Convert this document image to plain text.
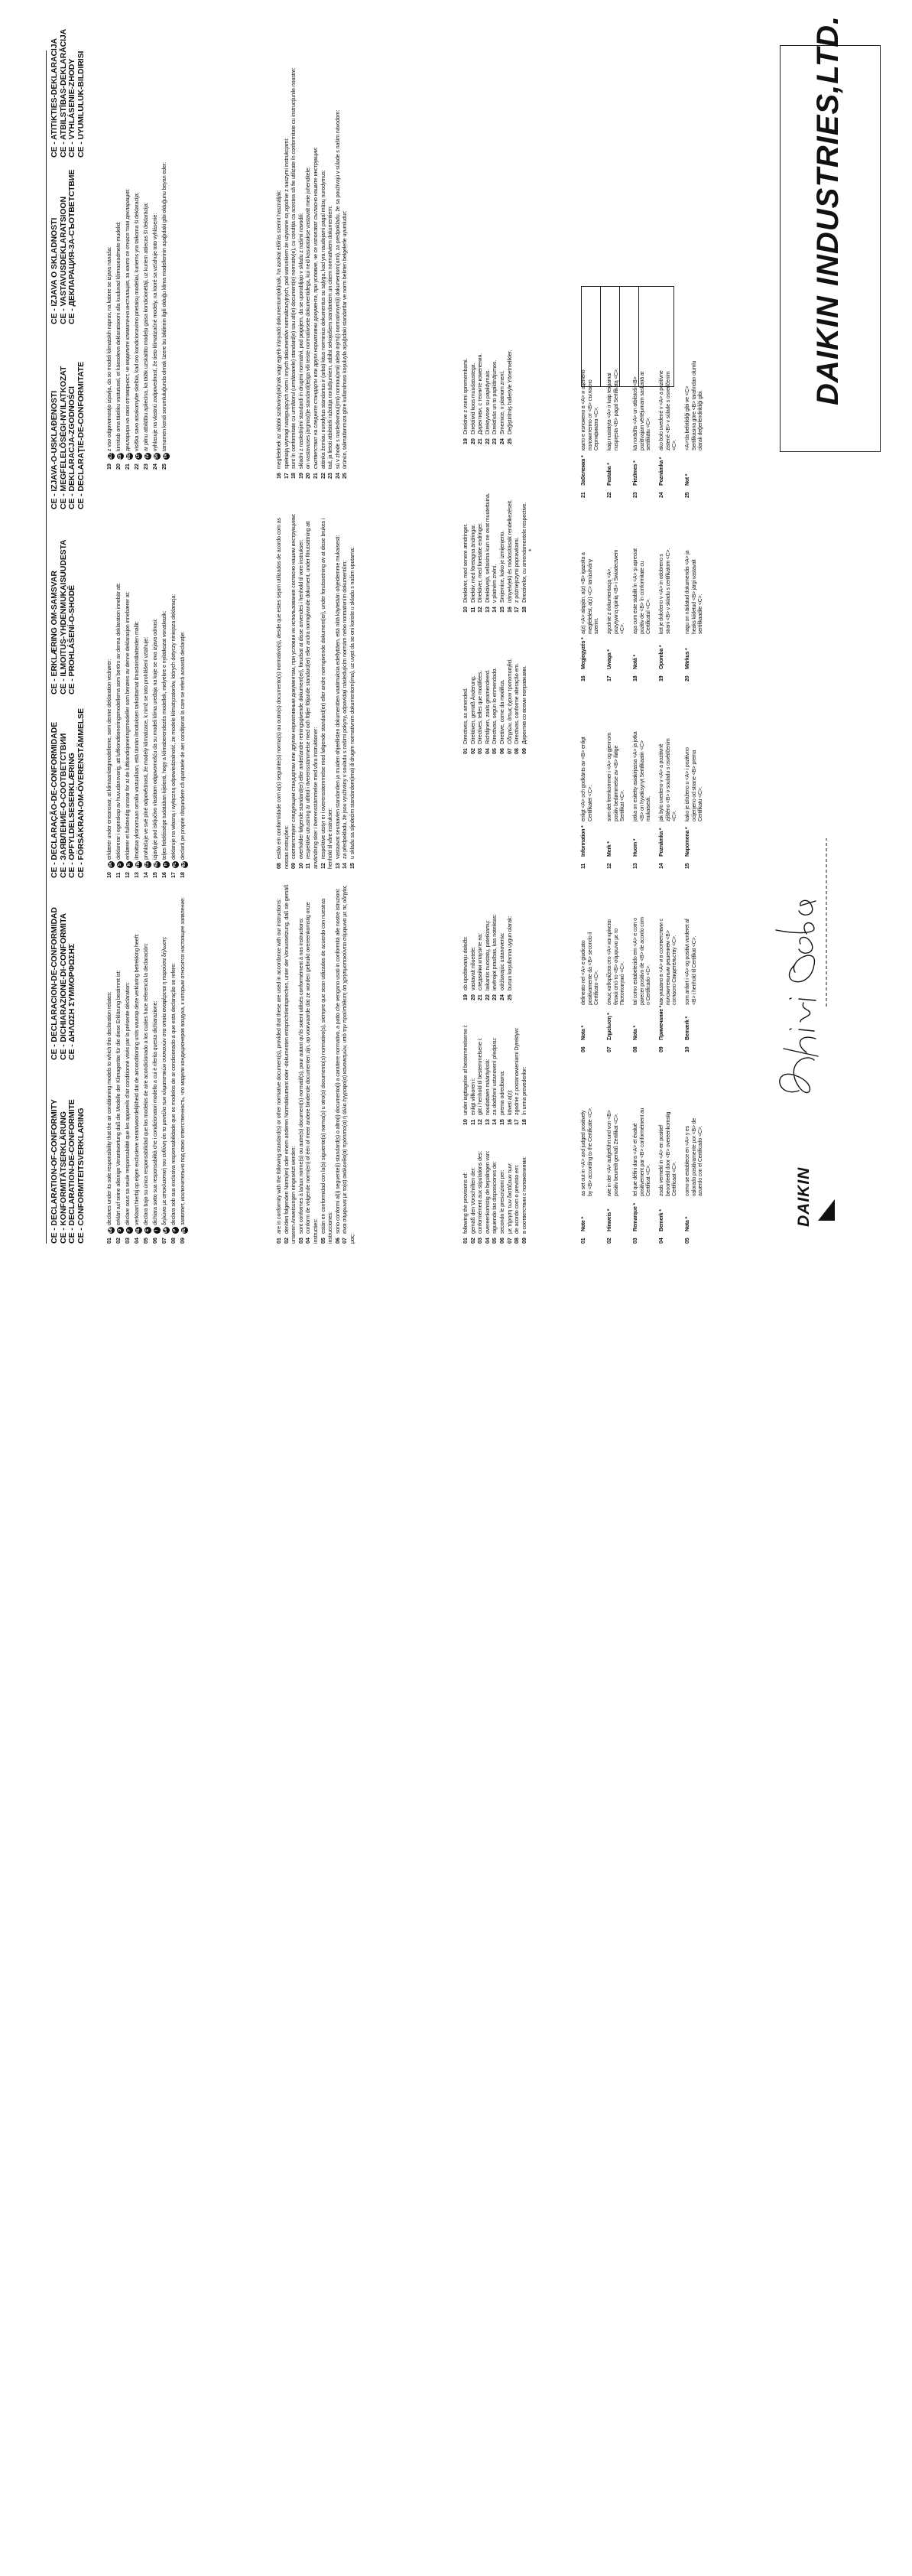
CE - DECLARATION-OF-CONFORMITY CE - KONFORMITÄTSERKLÄRUNG CE - DECLARATION-DE-CONFORMITE CE - CONFORMITEITSVERKLARING
CE - DECLARACION-DE-CONFORMIDAD CE - DICHIARAZIONE-DI-CONFORMITA CE - ΔΗΛΩΣΗ ΣΥΜΜΟΡΦΩΣΗΣ
CE - DECLARAÇÃO-DE-CONFORMIDADE CE - ЗАЯВЛЕНИЕ-О-СООТВЕТСТВИИ CE - OPFYLDELSESERKLÆRING CE - FÖRSÄKRAN-OM-ÖVERENSTÄMMELSE
CE - ERKLÆRING OM-SAMSVAR CE - ILMOITUS-YHDENMUKAISUUDESTA CE - PROHLÁŠENÍ-O-SHODĚ
CE - IZJAVA-O-USKLAĐENOSTI CE - MEGFELELŐSÉGI-NYILATKOZAT CE - DEKLARACJA-ZGODNOŚCI CE - DECLARAŢIE-DE-CONFORMITATE
CE - IZJAVA O SKLADNOSTI CE - VASTAVUSDEKLARATSIOON CE - ДЕКЛАРАЦИЯ-ЗА-СЪОТВЕТСТВИЕ
CE - ATITIKTIES-DEKLARACIJA CE - ATBILSTĪBAS-DEKLARĀCIJA CE - VYHLÁSENIE-ZHODY CE - UYUMLULUK-BILDIRISI
01GBdeclares under its sole responsibility that the air conditioning models to which this declaration relates:
02Derklärt auf seine alleinige Verantwortung daß die Modelle der Klimageräte für die diese Erklärung bestimmt ist:
03Fdéclare sous sa seule responsabilité que les appareils d'air conditionné visés par la présente déclaration:
04NLverklaart hierbij op eigen exclusieve verantwoordelijkheid dat de airconditioning units waarop deze verklaring betrekking heeft:
05Edeclara bajo su única responsabilidad que los modelos de aire acondicionado a los cuales hace referencia la declaración:
06Idichiara sotto sua responsabilità che i condizionatori modello a cui è riferita questa dichiarazione:
07GRδηλώνει με αποκλειστική του ευθύνη ότι τα μοντέλα των κλιματιστικών συσκευών στα οποία αναφέρεται η παρούσα δήλωση:
08Pdeclara sob sua exclusiva responsabilidade que os modelos de ar condicionado a que esta declaração se refere:
09RUзаявляет, исключительно под свою ответственность, что модели кондиционеров воздуха, к которым относится настоящее заявление:
10DKerklærer under eneansvar, at klimaanlægmodellerne, som denne deklaration vedrører:
11Sdeklarerar i egenskap av huvudansvarig, att luftkonditioneringsmodellerna som berörs av denna deklaration innebär att:
12Nerklærer et fullstendig ansvar for at de luftkondisjoneringsmodeller som berøres av denne deklarasjon innebærer at:
13FINilmoittaa yksinomaan omalla vastuullaan, että tämän ilmoituksen tarkoittamat ilmastointilaitteiden mallit:
14CZprohlašuje ve své plné odpovědnosti, že modely klimatizace, k nimž se toto prohlášení vztahuje:
15HRizjavljuje pod isključivo vlastitom odgovornošću da su modeli klima uređaja na koje se ova izjava odnosi:
16Hteljes felelőssége tudatában kijelenti, hogy a klímaberendezés modellek, melyekre e nyilatkozat vonatkozik:
17PLdeklaruje na własną i wyłączną odpowiedzialność, że modele klimatyzatorów, których dotyczy niniejsza deklaracja:
18ROdeclară pe proprie răspundere că aparatele de aer condiţionat la care se referă această declaraţie:
19SLOz vso odgovornostjo izjavlja, da so modeli klimatskih naprav, na katere se izjava nanaša:
20ESTkinnitab oma täieliku vastutusel, et käesoleva deklaratsiooni alla kuuluvad kliimaseadmete mudelid:
21BGдекларира на своя отговорност, че моделите климатична инсталация, за които се отнася тази декларация:
22LTvisiška savo atsakomybe skelbia, kad oro kondicionavimo prietaisų modeliai, kuriems yra taikoma ši deklaracija:
23LVar pilnu atbildību apliecina, ka tālāk uzskaitīto modeļu gaisa kondicionētāji, uz kuriem attiecas šī deklarācija:
24SKvyhlasuje na vlastnú zodpovednosť, že tieto klimatizačné modely, na ktoré sa vzťahuje toto vyhlásenie:
25TRtamamen kendi sorumluluğunda olmak üzere bu bildirinin ilgili olduğu klima modellerinin aşağıdaki gibi olduğunu beyan eder:
01are in conformity with the following standard(s) or other normative document(s), provided that these are used in accordance with our instructions:
02der/den folgenden Norm(en) oder einem anderen Normdokument oder -dokumenten entspricht/entsprechen, unter der Voraussetzung, daß sie gemäß unseren Anweisungen eingesetzt werden: 03sont conformes à la/aux norme(s) ou autre(s) document(s) normatif(s), pour autant qu'ils soient utilisés conformément à nos instructions:
04conform de volgende norm(en) of één of meer andere bindende documenten zijn, op voorwaarde dat ze worden gebruikt overeenkomstig onze instructies: 05están en conformidad con la(s) siguiente(s) norma(s) u otro(s) documento(s) normativo(s), siempre que sean utilizados de acuerdo con nuestras instrucciones: 06sono conformi al(i) seguente(i) standard(s) o altro(i) documento(i) a carattere normativo, a patto che vengano usati in conformità alle nostre istruzioni:
07είναι σύμφωνα με το(α) ακόλουθο(α) πρότυπο(α) ή άλλο έγγραφο(α) κανονισμών, υπό την προϋπόθεση ότι χρησιμοποιούνται σύμφωνα με τις οδηγίες μας:
08estão em conformidade com a(s) seguinte(s) norma(s) ou outro(s) documento(s) normativo(s), desde que estes sejam utilizados de acordo com as nossas instruções: 09соответствуют следующим стандартам или другим нормативным документам, при условии их использования согласно нашим инструкциям:
10overholder følgende standard(er) eller andet/andre retningsgivende dokument(er), forudsat at disse anvendes i henhold til vore instrukser:
11respektive utrustning är utförd i överensstämmelse med och följer följande standard(er) eller andra normgivande dokument, under förutsättning att användning sker i överensstämmelse med våra instruktioner: 12respektive utstyr er i overensstemmelse med følgende standard(er) eller andre normgivende dokument(er), under forutssetning av at disse brukes i henhold til våre instrukser: 13vastaavat seuraavien standardien ja muiden ohjeellisten dokumenttien vaatimuksia edellyttäen, että niitä käytetään ohjeidemme mukaisesti:
14za předpokladu, že jsou využívány v souladu s našimi pokyny, odpovídají následujícím normám nebo normativním dokumentům:
15u skladu sa sljedećim standardom(ima) ili drugim normativnim dokumentom(ima), uz uvjet da se oni koriste u skladu s našim uputama:
16megfelelnek az alábbi szabvány(ok)nak vagy egyéb irányadó dokumentum(ok)nak, ha azokat előírás szerint használják:
17spełniają wymogi następujących norm i innych dokumentów normalizacyjnych, pod warunkiem że używane są zgodnie z naszymi instrukcjami:
18sunt în conformitate cu următorul (următoarele) standard(e) sau alt(e) document(e) normativ(e), cu condiţia ca acestea să fie utilizate în conformitate cu instrucţiunile noastre:
19skladni z naslednjimi standardi in drugimi normativi, pod pogojem, da se uporabljajo v skladu z našimi navodili:
20on vastavuses järgmis(t)e standardi(te)ga või teiste normatiivsete dokumentidega, kui neid kasutatakse vastavalt meie juhenditele:
21съответстват на следните стандарти или други нормативни документи, при условие, че се използват съгласно нашите инструкции:
22atitinka žemiau nurodytus standartus ir (arba) kitus norminius dokumentus su sąlyga, kad yra naudojami pagal mūsų nurodymus:
23tad, ja lietoti atbilstoši ražotāja norādījumiem, atbilst sekojošiem standartiem un citiem normatīviem dokumentiem:
24sú v zhode s nasledovnou(ými) normou(ami) alebo iným(i) normatívnym(i) dokumentom(ami), za predpokladu, že sa používajú v súlade s našim návodom:
25ürünün, talimatlarımıza göre kullanılması koşuluyla aşağıdaki standartlar ve norm belirten belgelerle uyumludur:
01following the provisions of:
02gemäß den Vorschriften der:
03conformément aux stipulations des:
04overeenkomstig de bepalingen van:
05siguiendo las disposiciones de:
06secondo le prescrizioni per:
07με τήρηση των διατάξεων των:
08de acordo com o previsto em:
09в соответствии с положениями:
10under iagttagelse af bestemmelserne i:
11enligt villkoren i:
12gitt i henhold til bestemmelsene i:
13noudattaen määräyksiä:
14za dodržení ustanovení předpisu:
15prema odredbama:
16követi a(z):
17zgodnie z postanowieniami Dyrektyw:
18în urma prevederilor:
19ob upoštevanju določb:
20vastavalt nõuetele:
21следвайки клаузите на:
22laikantis nuostatų, pateikiamų:
23ievērojot prasības, kas noteiktas:
24održiavajúc ustanovenia:
25bunun koşullarına uygun olarak:
01Directives, as amended.
02Direktiven, gemäß Änderung.
03Directives, telles que modifiées.
04Richtlijnen, zoals geamendeerd.
05Directivas, según lo enmendado.
06Direttive, come da modifica.
07Οδηγιών, όπως έχουν τροποποιηθεί.
08Directivas, conforme alteração em.
09Директив со всеми поправками.
10Direktiver, med senere ændringer.
11Direktiv, med företagna ändringar.
12Direktiver, med foretatte endringer.
13Direktiivejä, sellaisina kuin ne ovat muutettuina.
14v platném znění.
15Smjernice, kako je izmijenjeno.
16irányelv(ek) és módosításaik rendelkezéseit.
17z późniejszymi poprawkami.
18Directivelor, cu amendamentele respective.
19Direktive z vsemi spremembami.
20Direktiivid koos muudatustega.
21Директиви, с техните изменения.
22Direktyvose su papildymais.
23Direktīvās un to papildinājumos.
24Smernice, v platnom znení.
25Değiştirilmiş halleriyle Yönetmelikler.
*
01Note *
as set out in <A> and judged positively by <B> according to the Certificate <C>.
02Hinweis *
wie in der <A> aufgeführt und von <B> positiv beurteilt gemäß Zertifikat <C>.
03Remarque *
tel que défini dans <A> et évalué positivement par <B> conformément au Certificat <C>.
04Bemerk *
zoals vermeld in <A> en positief beoordeeld door <B> overeenkomstig Certificaat <C>.
05Nota *
como se establece en <A> y es valorado positivamente por <B> de acuerdo con el Certificado <C>.
06Nota *
delineato nel <A> e giudicato positivamente da <B> secondo il Certificato <C>.
07Σημείωση *
όπως καθορίζεται στο <A> και κρίνεται θετικά από το <B> σύμφωνα με το Πιστοποιητικό <C>.
08Nota *
tal como estabelecido em <A> e com o parecer positivo de <B> de acordo com o Certificado <C>.
09Примечание *
как указано в <A> и в соответствии с положительным решением <B> согласно Свидетельству <C>.
10Bemærk *
som anført i <A> og positivt vurderet af <B> i henhold til Certifikat <C>.
11Information *
enligt <A> och godkänts av <B> enligt Certifikatet <C>.
12Merk *
som det fremkommer i <A> og gjennom positiv bedømmelse av <B> ifølge Sertifikat <C>.
13Huom *
jotka on esitetty asiakirjassa <A> ja jotka <B> on hyväksynyt Sertifikaatin <C> mukaisesti.
14Poznámka *
jak bylo uvedeno v <A> a pozitivně zjištěno <B> v souladu s osvědčením <C>.
15Napomena *
kako je izloženo u <A> i pozitivno ocijenjeno od strane <B> prema Certifikatu <C>.
16Megjegyzés *
a(z) <A> alapján, a(z) <B> igazolta a megfelelést, a(z) <C> tanúsítvány szerint.
17Uwaga *
zgodnie z dokumentacją <A>, pozytywną opinią <B> i Świadectwem <C>.
18Notă *
aşa cum este stabilit în <A> şi apreciat pozitiv de <B> în conformitate cu Certificatul <C>.
19Opomba *
kot je določeno v <A> in odobreno s strani <B> v skladu s certifikatom <C>.
20Märkus *
nagu on näidatud dokumendis <A> ja heaks kiidetud <B> järgi vastavalt sertifikaadile <C>.
21Забележка *
както е изложено в <A> и оценено положително от <B> съгласно Сертификата <C>.
22Pastaba *
kaip nustatyta <A> ir kaip teigiamai nuspręsta <B> pagal Sertifikatą <C>.
23Piezīmes *
kā norādīts <A> un atbilstoši <B> pozitīvajam vērtējumam saskaņā ar sertifikātu <C>.
24Poznámka *
ako bolo uvedené v <A> a pozitívne zistené <B> v súlade s osvedčením <C>.
25Not *
<A>'da belirtildiği gibi ve <C> Sertifikasına göre <B> tarafından olumlu olarak değerlendirildiği gibi.
DAIKIN
DAIKIN INDUSTRIES,LTD.
